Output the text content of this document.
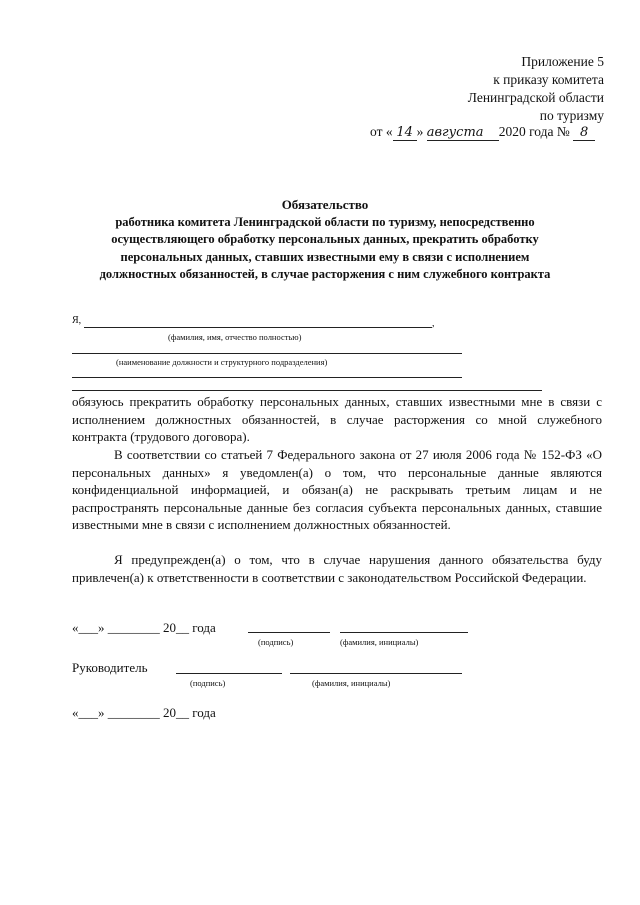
Приложение 5
к приказу комитета
Ленинградской области
по туризму
от « 14 » августа 2020 года № 8
Обязательство
работника комитета Ленинградской области по туризму, непосредственно
осуществляющего обработку персональных данных, прекратить обработку
персональных данных, ставших известными ему в связи с исполнением
должностных обязанностей, в случае расторжения с ним служебного контракта
Я,	,
(фамилия, имя, отчество полностью)
(наименование должности и структурного подразделения)
обязуюсь прекратить обработку персональных данных, ставших известными мне в связи с исполнением должностных обязанностей, в случае расторжения со мной служебного контракта (трудового договора).
В соответствии со статьей 7 Федерального закона от 27 июля 2006 года № 152-ФЗ «О персональных данных» я уведомлен(а) о том, что персональные данные являются конфиденциальной информацией, и обязан(а) не раскрывать третьим лицам и не распространять персональные данные без согласия субъекта персональных данных, ставшие известными мне в связи с исполнением должностных обязанностей.
Я предупрежден(а) о том, что в случае нарушения данного обязательства буду привлечен(а) к ответственности в соответствии с законодательством Российской Федерации.
«___» ________ 20__ года
(подпись)	(фамилия, инициалы)
Руководитель
(подпись)	(фамилия, инициалы)
«___» ________ 20__ года
